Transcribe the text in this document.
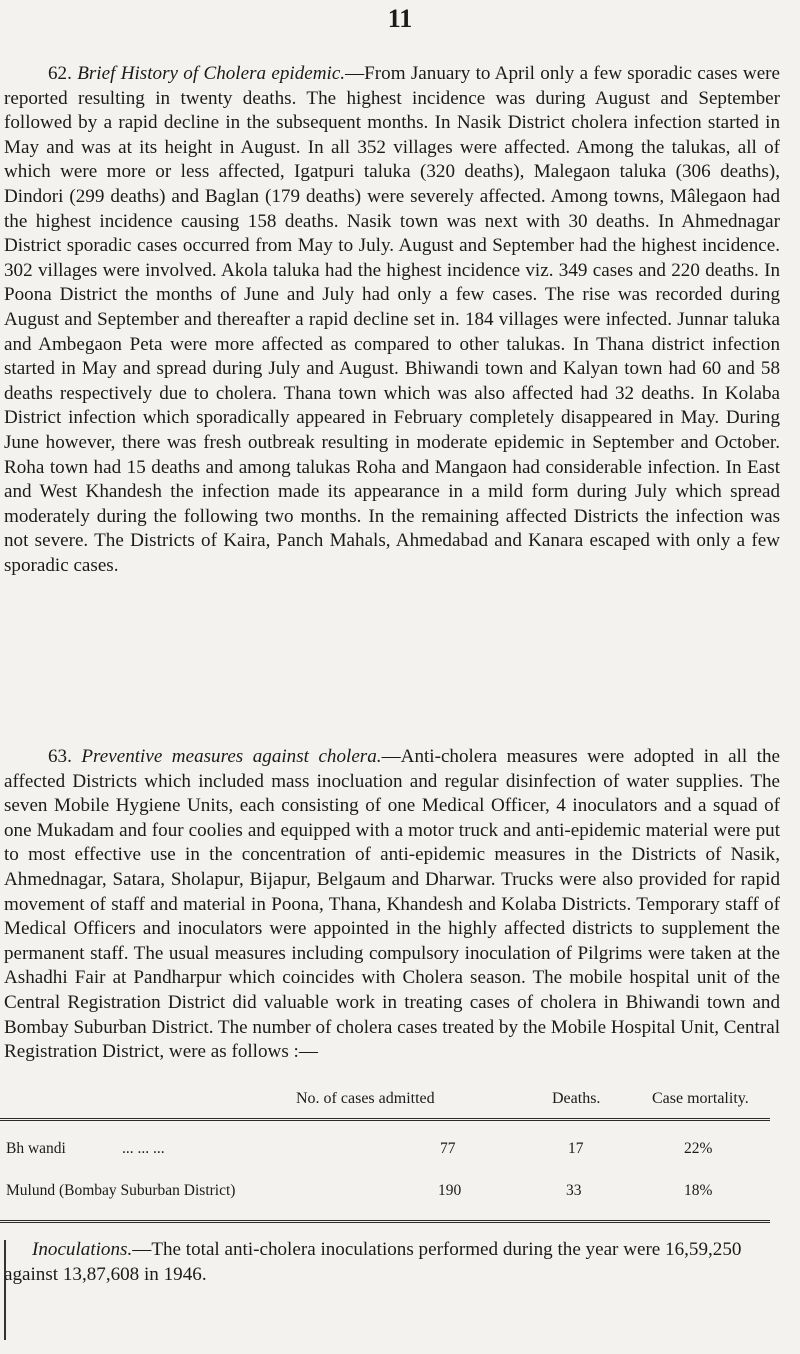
11

62. Brief History of Cholera epidemic.—From January to April only a few sporadic cases were reported resulting in twenty deaths. The highest incidence was during August and September followed by a rapid decline in the subsequent months. In Nasik District cholera infection started in May and was at its height in August. In all 352 villages were affected. Among the talukas, all of which were more or less affected, Igatpuri taluka (320 deaths), Malegaon taluka (306 deaths), Dindori (299 deaths) and Baglan (179 deaths) were severely affected. Among towns, Mâlegaon had the highest incidence causing 158 deaths. Nasik town was next with 30 deaths. In Ahmednagar District sporadic cases occurred from May to July. August and September had the highest incidence. 302 villages were involved. Akola taluka had the highest incidence viz. 349 cases and 220 deaths. In Poona District the months of June and July had only a few cases. The rise was recorded during August and September and thereafter a rapid decline set in. 184 villages were infected. Junnar taluka and Ambegaon Peta were more affected as compared to other talukas. In Thana district infection started in May and spread during July and August. Bhiwandi town and Kalyan town had 60 and 58 deaths respectively due to cholera. Thana town which was also affected had 32 deaths. In Kolaba District infection which sporadically appeared in February completely disappeared in May. During June however, there was fresh outbreak resulting in moderate epidemic in September and October. Roha town had 15 deaths and among talukas Roha and Mangaon had considerable infection. In East and West Khandesh the infection made its appearance in a mild form during July which spread moderately during the following two months. In the remaining affected Districts the infection was not severe. The Districts of Kaira, Panch Mahals, Ahmedabad and Kanara escaped with only a few sporadic cases.

63. Preventive measures against cholera.—Anti-cholera measures were adopted in all the affected Districts which included mass inocluation and regular disinfection of water supplies. The seven Mobile Hygiene Units, each consisting of one Medical Officer, 4 inoculators and a squad of one Mukadam and four coolies and equipped with a motor truck and anti-epidemic material were put to most effective use in the concentration of anti-epidemic measures in the Districts of Nasik, Ahmednagar, Satara, Sholapur, Bijapur, Belgaum and Dharwar. Trucks were also provided for rapid movement of staff and material in Poona, Thana, Khandesh and Kolaba Districts. Temporary staff of Medical Officers and inoculators were appointed in the highly affected districts to supplement the permanent staff. The usual measures including compulsory inoculation of Pilgrims were taken at the Ashadhi Fair at Pandharpur which coincides with Cholera season. The mobile hospital unit of the Central Registration District did valuable work in treating cases of cholera in Bhiwandi town and Bombay Suburban District. The number of cholera cases treated by the Mobile Hospital Unit, Central Registration District, were as follows :—

No. of cases admitted	Deaths.	Case mortality.
Bh wandi	... ... ...	77	17	22%
Mulund (Bombay Suburban District)	190	33	18%

Inoculations.—The total anti-cholera inoculations performed during the year were 16,59,250 against 13,87,608 in 1946.
